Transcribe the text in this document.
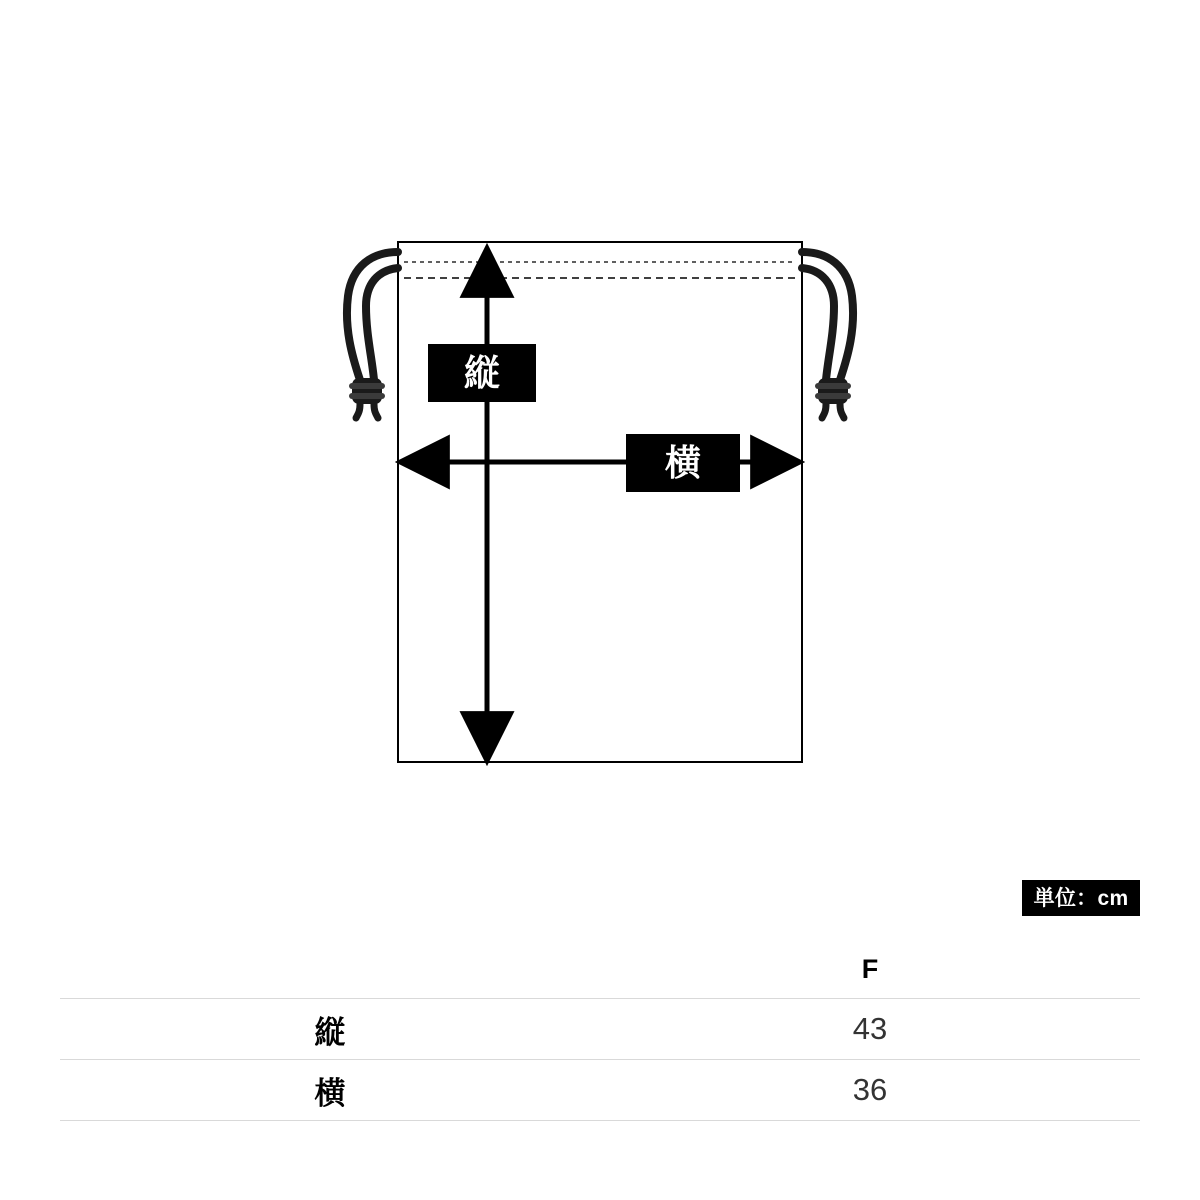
縦
横
単位：cm
	F
縦	43
横	36
